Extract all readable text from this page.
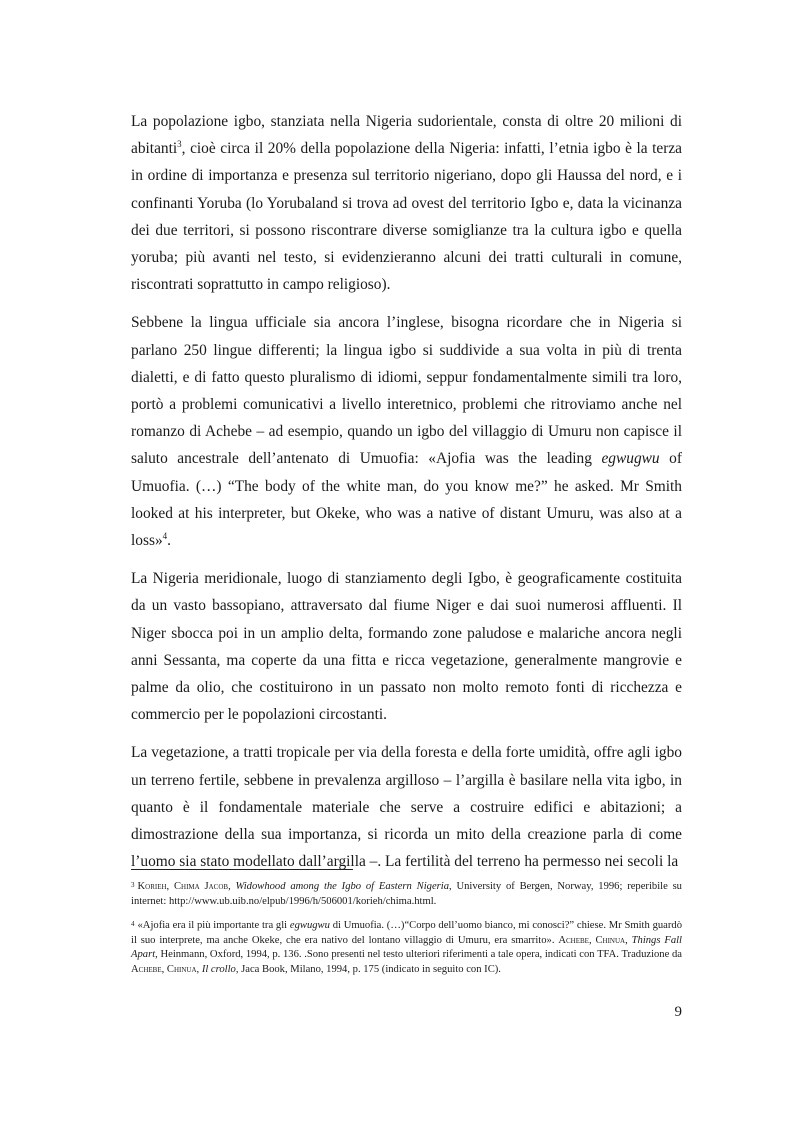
La popolazione igbo, stanziata nella Nigeria sudorientale, consta di oltre 20 milioni di abitanti$^3$, cioè circa il 20% della popolazione della Nigeria: infatti, l’etnia igbo è la terza in ordine di importanza e presenza sul territorio nigeriano, dopo gli Haussa del nord, e i confinanti Yoruba (lo Yorubaland si trova ad ovest del territorio Igbo e, data la vicinanza dei due territori, si possono riscontrare diverse somiglianze tra la cultura igbo e quella yoruba; più avanti nel testo, si evidenzieranno alcuni dei tratti culturali in comune, riscontrati soprattutto in campo religioso).

Sebbene la lingua ufficiale sia ancora l’inglese, bisogna ricordare che in Nigeria si parlano 250 lingue differenti; la lingua igbo si suddivide a sua volta in più di trenta dialetti, e di fatto questo pluralismo di idiomi, seppur fondamentalmente simili tra loro, portò a problemi comunicativi a livello interetnico, problemi che ritroviamo anche nel romanzo di Achebe – ad esempio, quando un igbo del villaggio di Umuru non capisce il saluto ancestrale dell’antenato di Umuofia: «Ajofia was the leading egwugwu of Umuofia. (…) “The body of the white man, do you know me?” he asked. Mr Smith looked at his interpreter, but Okeke, who was a native of distant Umuru, was also at a loss»$^4$.

La Nigeria meridionale, luogo di stanziamento degli Igbo, è geograficamente costituita da un vasto bassopiano, attraversato dal fiume Niger e dai suoi numerosi affluenti. Il Niger sbocca poi in un amplio delta, formando zone paludose e malariche ancora negli anni Sessanta, ma coperte da una fitta e ricca vegetazione, generalmente mangrovie e palme da olio, che costituirono in un passato non molto remoto fonti di ricchezza e commercio per le popolazioni circostanti.

La vegetazione, a tratti tropicale per via della foresta e della forte umidità, offre agli igbo un terreno fertile, sebbene in prevalenza argilloso – l’argilla è basilare nella vita igbo, in quanto è il fondamentale materiale che serve a costruire edifici e abitazioni; a dimostrazione della sua importanza, si ricorda un mito della creazione parla di come l’uomo sia stato modellato dall’argilla –. La fertilità del terreno ha permesso nei secoli la

$^3$ Korieh, Chima Jacob, Widowhood among the Igbo of Eastern Nigeria, University of Bergen, Norway, 1996; reperibile su internet: http://www.ub.uib.no/elpub/1996/h/506001/korieh/chima.html.

$^4$ «Ajofia era il più importante tra gli egwugwu di Umuofia. (…)“Corpo dell’uomo bianco, mi conosci?” chiese. Mr Smith guardò il suo interprete, ma anche Okeke, che era nativo del lontano villaggio di Umuru, era smarrito». Achebe, Chinua, Things Fall Apart, Heinmann, Oxford, 1994, p. 136. .Sono presenti nel testo ulteriori riferimenti a tale opera, indicati con TFA. Traduzione da Achebe, Chinua, Il crollo, Jaca Book, Milano, 1994, p. 175 (indicato in seguito con IC).

9
